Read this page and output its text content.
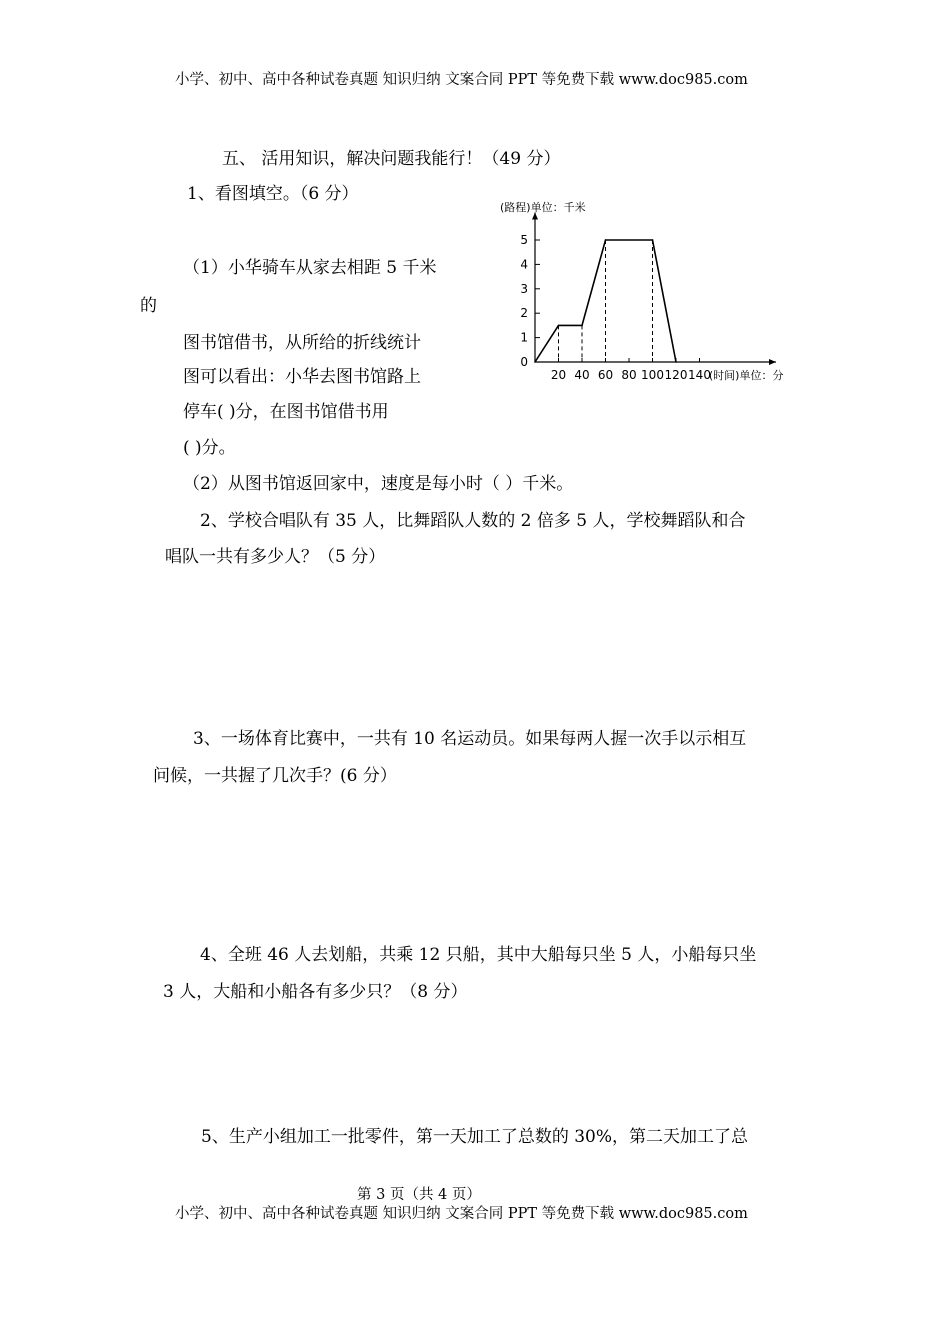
小学、初中、高中各种试卷真题 知识归纳 文案合同 PPT 等免费下载 www.doc985.com
五、 活用知识，解决问题我能行！（49 分）
1、看图填空。（6 分）
（1）小华骑车从家去相距 5 千米
的
图书馆借书，从所给的折线统计
图可以看出：小华去图书馆路上
停车( )分，在图书馆借书用
( )分。
（2）从图书馆返回家中，速度是每小时（ ）千米。
0
1
2
3
4
5
20 40 60 80 100 120 140
(路程)单位：千米
(时间)单位：分
2、学校合唱队有 35 人，比舞蹈队人数的 2 倍多 5 人，学校舞蹈队和合
唱队一共有多少人？（5 分）
3、一场体育比赛中，一共有 10 名运动员。如果每两人握一次手以示相互
问候，一共握了几次手？(6 分）
4、全班 46 人去划船，共乘 12 只船，其中大船每只坐 5 人，小船每只坐
3 人，大船和小船各有多少只？（8 分）
5、生产小组加工一批零件，第一天加工了总数的 30%，第二天加工了总
第 3 页（共 4 页）
小学、初中、高中各种试卷真题 知识归纳 文案合同 PPT 等免费下载 www.doc985.com
